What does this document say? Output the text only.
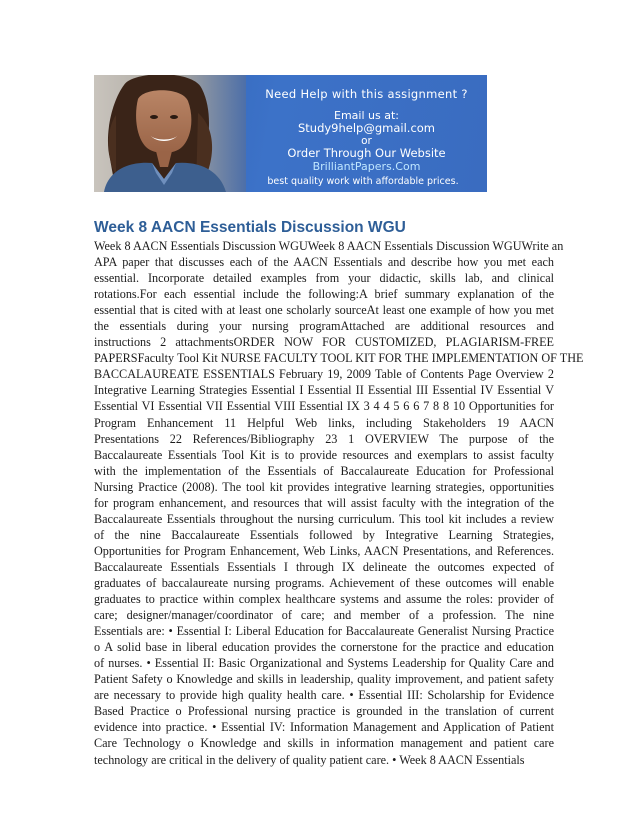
Need Help with this assignment ?
Email us at:
Study9help@gmail.com
or
Order Through Our Website
BrilliantPapers.Com
best quality work with affordable prices.
Week 8 AACN Essentials Discussion WGU
Week 8 AACN Essentials Discussion WGUWeek 8 AACN Essentials Discussion WGUWrite an
APA paper that discusses each of the AACN Essentials and describe how you met each
essential. Incorporate detailed examples from your didactic, skills lab, and clinical
rotations.For each essential include the following:A brief summary explanation of the
essential that is cited with at least one scholarly sourceAt least one example of how you met
the essentials during your nursing programAttached are additional resources and
instructions 2 attachmentsORDER NOW FOR CUSTOMIZED, PLAGIARISM-FREE
PAPERSFaculty Tool Kit NURSE FACULTY TOOL KIT FOR THE IMPLEMENTATION OF THE
BACCALAUREATE ESSENTIALS February 19, 2009 Table of Contents Page Overview 2
Integrative Learning Strategies Essential I Essential II Essential III Essential IV Essential V
Essential VI Essential VII Essential VIII Essential IX 3 4 4 5 6 6 7 8 8 10 Opportunities for
Program Enhancement 11 Helpful Web links, including Stakeholders 19 AACN
Presentations 22 References/Bibliography 23 1 OVERVIEW The purpose of the
Baccalaureate Essentials Tool Kit is to provide resources and exemplars to assist faculty
with the implementation of the Essentials of Baccalaureate Education for Professional
Nursing Practice (2008). The tool kit provides integrative learning strategies, opportunities
for program enhancement, and resources that will assist faculty with the integration of the
Baccalaureate Essentials throughout the nursing curriculum. This tool kit includes a review
of the nine Baccalaureate Essentials followed by Integrative Learning Strategies,
Opportunities for Program Enhancement, Web Links, AACN Presentations, and References.
Baccalaureate Essentials Essentials I through IX delineate the outcomes expected of
graduates of baccalaureate nursing programs. Achievement of these outcomes will enable
graduates to practice within complex healthcare systems and assume the roles: provider of
care; designer/manager/coordinator of care; and member of a profession. The nine
Essentials are: • Essential I: Liberal Education for Baccalaureate Generalist Nursing Practice
o A solid base in liberal education provides the cornerstone for the practice and education
of nurses. • Essential II: Basic Organizational and Systems Leadership for Quality Care and
Patient Safety o Knowledge and skills in leadership, quality improvement, and patient safety
are necessary to provide high quality health care. • Essential III: Scholarship for Evidence
Based Practice o Professional nursing practice is grounded in the translation of current
evidence into practice. • Essential IV: Information Management and Application of Patient
Care Technology o Knowledge and skills in information management and patient care
technology are critical in the delivery of quality patient care. • Week 8 AACN Essentials
